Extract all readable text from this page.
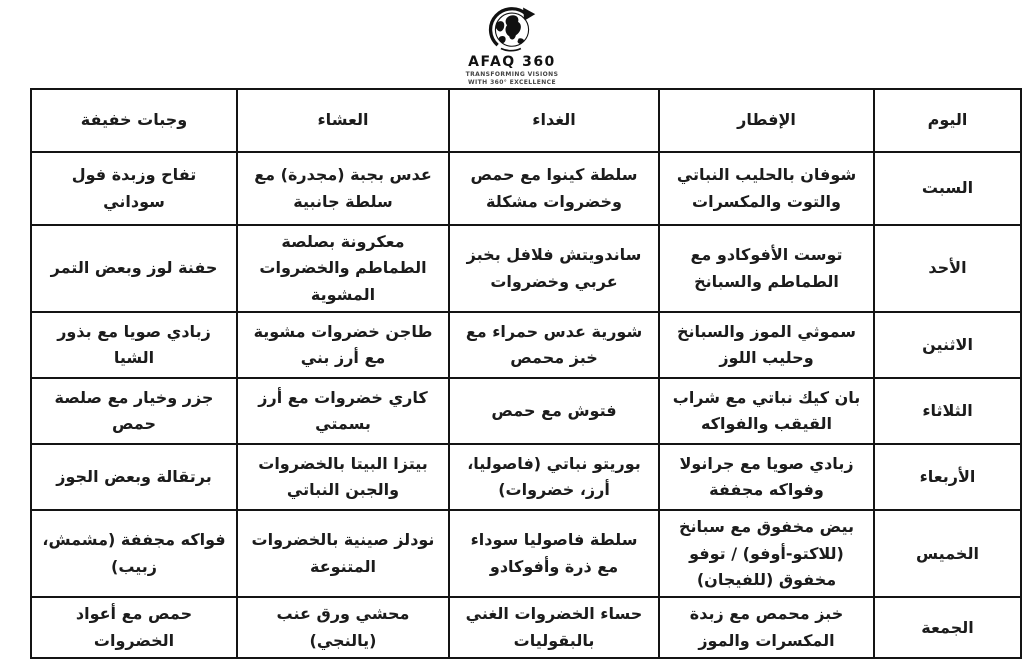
AFAQ 360
TRANSFORMING VISIONS
WITH 360° EXCELLENCE
اليوم	الإفطار	الغداء	العشاء	وجبات خفيفة
السبت	شوفان بالحليب النباتي والتوت والمكسرات	سلطة كينوا مع حمص وخضروات مشكلة	عدس بجبة (مجدرة) مع سلطة جانبية	تفاح وزبدة فول سوداني
الأحد	توست الأفوكادو مع الطماطم والسبانخ	ساندويتش فلافل بخبز عربي وخضروات	معكرونة بصلصة الطماطم والخضروات المشوية	حفنة لوز وبعض التمر
الاثنين	سموثي الموز والسبانخ وحليب اللوز	شورية عدس حمراء مع خبز محمص	طاجن خضروات مشوية مع أرز بني	زبادي صويا مع بذور الشيا
الثلاثاء	بان كيك نباتي مع شراب القيقب والفواكه	فتوش مع حمص	كاري خضروات مع أرز بسمتي	جزر وخيار مع صلصة حمص
الأربعاء	زبادي صويا مع جرانولا وفواكه مجففة	بوريتو نباتي (فاصوليا، أرز، خضروات)	بيتزا البيتا بالخضروات والجبن النباتي	برتقالة وبعض الجوز
الخميس	بيض مخفوق مع سبانخ (للاكتو-أوفو) / توفو مخفوق (للفيجان)	سلطة فاصوليا سوداء مع ذرة وأفوكادو	نودلز صينية بالخضروات المتنوعة	فواكه مجففة (مشمش، زبيب)
الجمعة	خبز محمص مع زبدة المكسرات والموز	حساء الخضروات الغني بالبقوليات	محشي ورق عنب (يالنجي)	حمص مع أعواد الخضروات
